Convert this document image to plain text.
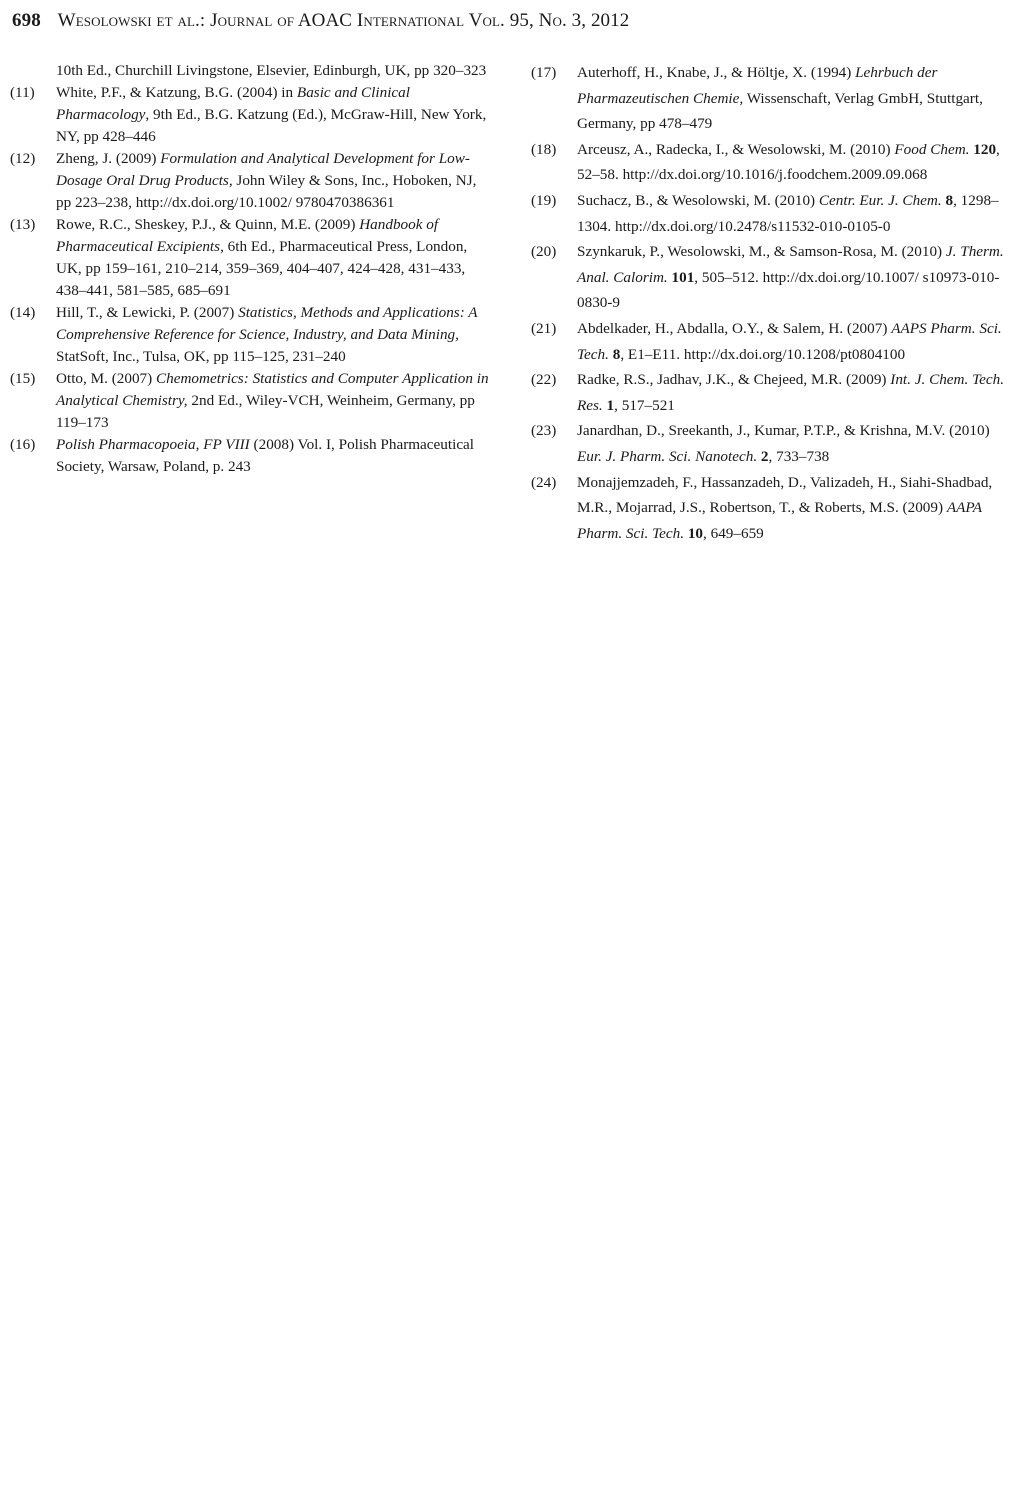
698 Wesolowski et al.: Journal of AOAC International Vol. 95, No. 3, 2012
10th Ed., Churchill Livingstone, Elsevier, Edinburgh, UK, pp 320–323
(11)	White, P.F., & Katzung, B.G. (2004) in Basic and Clinical Pharmacology, 9th Ed., B.G. Katzung (Ed.), McGraw-Hill, New York, NY, pp 428–446
(12)	Zheng, J. (2009) Formulation and Analytical Development for Low-Dosage Oral Drug Products, John Wiley & Sons, Inc., Hoboken, NJ, pp 223–238, http://dx.doi.org/10.1002/ 9780470386361
(13)	Rowe, R.C., Sheskey, P.J., & Quinn, M.E. (2009) Handbook of Pharmaceutical Excipients, 6th Ed., Pharmaceutical Press, London, UK, pp 159–161, 210–214, 359–369, 404–407, 424–428, 431–433, 438–441, 581–585, 685–691
(14)	Hill, T., & Lewicki, P. (2007) Statistics, Methods and Applications: A Comprehensive Reference for Science, Industry, and Data Mining, StatSoft, Inc., Tulsa, OK, pp 115–125, 231–240
(15)	Otto, M. (2007) Chemometrics: Statistics and Computer Application in Analytical Chemistry, 2nd Ed., Wiley-VCH, Weinheim, Germany, pp 119–173
(16)	Polish Pharmacopoeia, FP VIII (2008) Vol. I, Polish Pharmaceutical Society, Warsaw, Poland, p. 243
(17)	Auterhoff, H., Knabe, J., & Höltje, X. (1994) Lehrbuch der Pharmazeutischen Chemie, Wissenschaft, Verlag GmbH, Stuttgart, Germany, pp 478–479
(18)	Arceusz, A., Radecka, I., & Wesolowski, M. (2010) Food Chem. 120, 52–58. http://dx.doi.org/10.1016/j.foodchem.2009.09.068
(19)	Suchacz, B., & Wesolowski, M. (2010) Centr. Eur. J. Chem. 8, 1298–1304. http://dx.doi.org/10.2478/s11532-010-0105-0
(20)	Szynkaruk, P., Wesolowski, M., & Samson-Rosa, M. (2010) J. Therm. Anal. Calorim. 101, 505–512. http://dx.doi.org/10.1007/ s10973-010-0830-9
(21)	Abdelkader, H., Abdalla, O.Y., & Salem, H. (2007) AAPS Pharm. Sci. Tech. 8, E1–E11. http://dx.doi.org/10.1208/pt0804100
(22)	Radke, R.S., Jadhav, J.K., & Chejeed, M.R. (2009) Int. J. Chem. Tech. Res. 1, 517–521
(23)	Janardhan, D., Sreekanth, J., Kumar, P.T.P., & Krishna, M.V. (2010) Eur. J. Pharm. Sci. Nanotech. 2, 733–738
(24)	Monajjemzadeh, F., Hassanzadeh, D., Valizadeh, H., Siahi-Shadbad, M.R., Mojarrad, J.S., Robertson, T., & Roberts, M.S. (2009) AAPA Pharm. Sci. Tech. 10, 649–659
